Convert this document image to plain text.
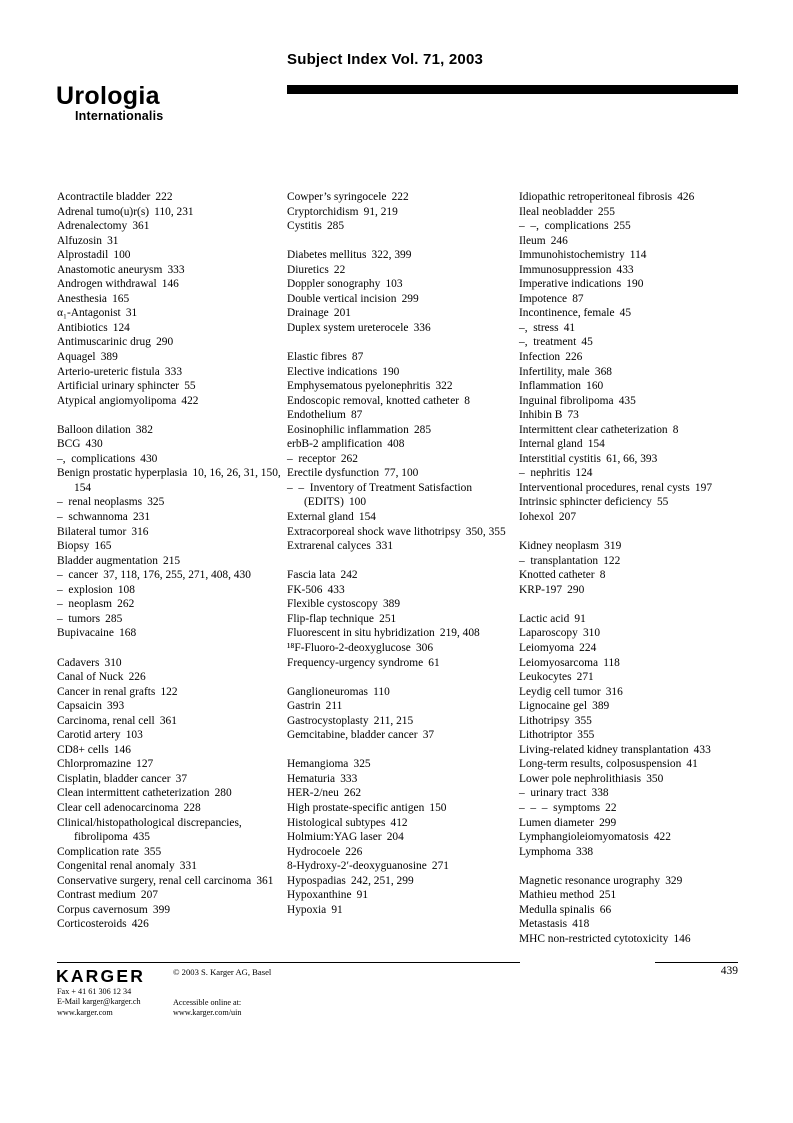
Subject Index Vol. 71, 2003
Urologia
Internationalis
Acontractile bladder 222
Adrenal tumo(u)r(s) 110, 231
Adrenalectomy 361
Alfuzosin 31
Alprostadil 100
Anastomotic aneurysm 333
Androgen withdrawal 146
Anesthesia 165
α₁-Antagonist 31
Antibiotics 124
Antimuscarinic drug 290
Aquagel 389
Arterio-ureteric fistula 333
Artificial urinary sphincter 55
Atypical angiomyolipoma 422
Balloon dilation 382
BCG 430
–,  complications 430
Benign prostatic hyperplasia 10, 16, 26, 31, 150, 154
–  renal neoplasms 325
–  schwannoma 231
Bilateral tumor 316
Biopsy 165
Bladder augmentation 215
–  cancer 37, 118, 176, 255, 271, 408, 430
–  explosion 108
–  neoplasm 262
–  tumors 285
Bupivacaine 168
Cadavers 310
Canal of Nuck 226
Cancer in renal grafts 122
Capsaicin 393
Carcinoma, renal cell 361
Carotid artery 103
CD8+ cells 146
Chlorpromazine 127
Cisplatin, bladder cancer 37
Clean intermittent catheterization 280
Clear cell adenocarcinoma 228
Clinical/histopathological discrepancies, fibrolipoma 435
Complication rate 355
Congenital renal anomaly 331
Conservative surgery, renal cell carcinoma 361
Contrast medium 207
Corpus cavernosum 399
Corticosteroids 426
Cowper’s syringocele 222
Cryptorchidism 91, 219
Cystitis 285
Diabetes mellitus 322, 399
Diuretics 22
Doppler sonography 103
Double vertical incision 299
Drainage 201
Duplex system ureterocele 336
Elastic fibres 87
Elective indications 190
Emphysematous pyelonephritis 322
Endoscopic removal, knotted catheter 8
Endothelium 87
Eosinophilic inflammation 285
erbB-2 amplification 408
–  receptor 262
Erectile dysfunction 77, 100
–  –  Inventory of Treatment Satisfaction (EDITS) 100
External gland 154
Extracorporeal shock wave lithotripsy 350, 355
Extrarenal calyces 331
Fascia lata 242
FK-506 433
Flexible cystoscopy 389
Flip-flap technique 251
Fluorescent in situ hybridization 219, 408
¹⁸F-Fluoro-2-deoxyglucose 306
Frequency-urgency syndrome 61
Ganglioneuromas 110
Gastrin 211
Gastrocystoplasty 211, 215
Gemcitabine, bladder cancer 37
Hemangioma 325
Hematuria 333
HER-2/neu 262
High prostate-specific antigen 150
Histological subtypes 412
Holmium:YAG laser 204
Hydrocoele 226
8-Hydroxy-2′-deoxyguanosine 271
Hypospadias 242, 251, 299
Hypoxanthine 91
Hypoxia 91
Idiopathic retroperitoneal fibrosis 426
Ileal neobladder 255
–  –,  complications 255
Ileum 246
Immunohistochemistry 114
Immunosuppression 433
Imperative indications 190
Impotence 87
Incontinence, female 45
–,  stress 41
–,  treatment 45
Infection 226
Infertility, male 368
Inflammation 160
Inguinal fibrolipoma 435
Inhibin B 73
Intermittent clear catheterization 8
Internal gland 154
Interstitial cystitis 61, 66, 393
–  nephritis 124
Interventional procedures, renal cysts 197
Intrinsic sphincter deficiency 55
Iohexol 207
Kidney neoplasm 319
–  transplantation 122
Knotted catheter 8
KRP-197 290
Lactic acid 91
Laparoscopy 310
Leiomyoma 224
Leiomyosarcoma 118
Leukocytes 271
Leydig cell tumor 316
Lignocaine gel 389
Lithotripsy 355
Lithotriptor 355
Living-related kidney transplantation 433
Long-term results, colposuspension 41
Lower pole nephrolithiasis 350
–  urinary tract 338
–  –  –  symptoms 22
Lumen diameter 299
Lymphangioleiomyomatosis 422
Lymphoma 338
Magnetic resonance urography 329
Mathieu method 251
Medulla spinalis 66
Metastasis 418
MHC non-restricted cytotoxicity 146
KARGER	© 2003 S. Karger AG, Basel	439
Fax + 41 61 306 12 34
E-Mail karger@karger.ch
www.karger.com
Accessible online at:
www.karger.com/uin
